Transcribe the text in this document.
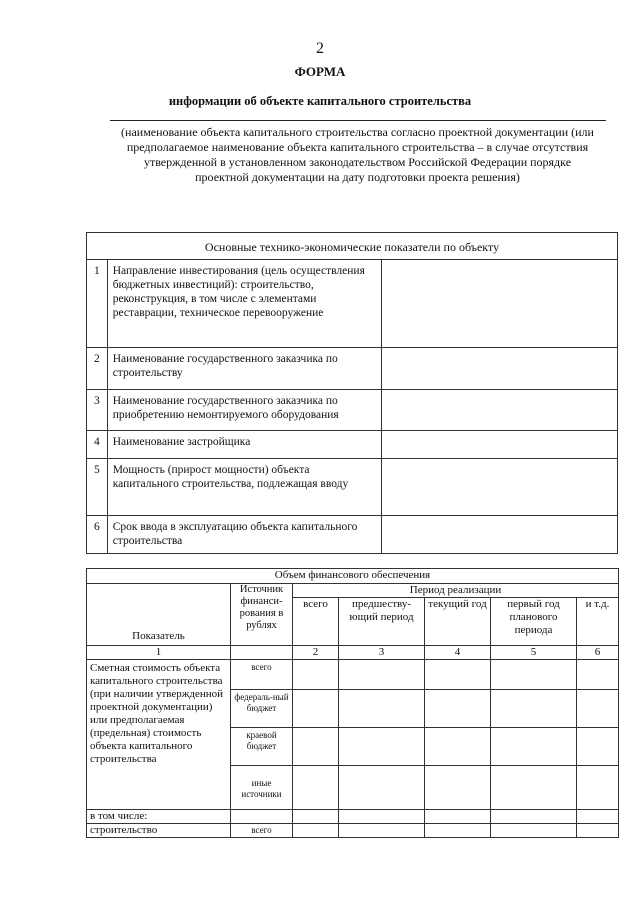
2
ФОРМА
информации об объекте капитального строительства
(наименование объекта капитального строительства согласно проектной документации (или предполагаемое наименование объекта капитального строительства – в случае отсутствия утвержденной в установленном законодательством Российской Федерации порядке проектной документации на дату подготовки проекта решения)
Основные технико-экономические показатели по объекту		
1	Направление инвестирования (цель осуществления бюджетных инвестиций): строительство, реконструкция, в том числе с элементами реставрации, техническое перевооружение	
2	Наименование государственного заказчика по строительству	
3	Наименование государственного заказчика по приобретению немонтируемого оборудования	
4	Наименование застройщика	
5	Мощность (прирост мощности) объекта капитального строительства, подлежащая вводу	
6	Срок ввода в эксплуатацию объекта капитального строительства	
Объем финансового обеспечения						
Показатель	Источник финанси-рования в рублях	Период реализации				
		всего	предшеству-ющий период	текущий год	первый год планового периода	и т.д.
1		2	3	4	5	6
Сметная стоимость объекта капитального строительства (при наличии утвержденной проектной документации) или предполагаемая (предельная) стоимость объекта капитального строительства	всего					
	федераль-ный бюджет					
	краевой бюджет					
	иные источники					
в том числе:						
строительство	всего					
